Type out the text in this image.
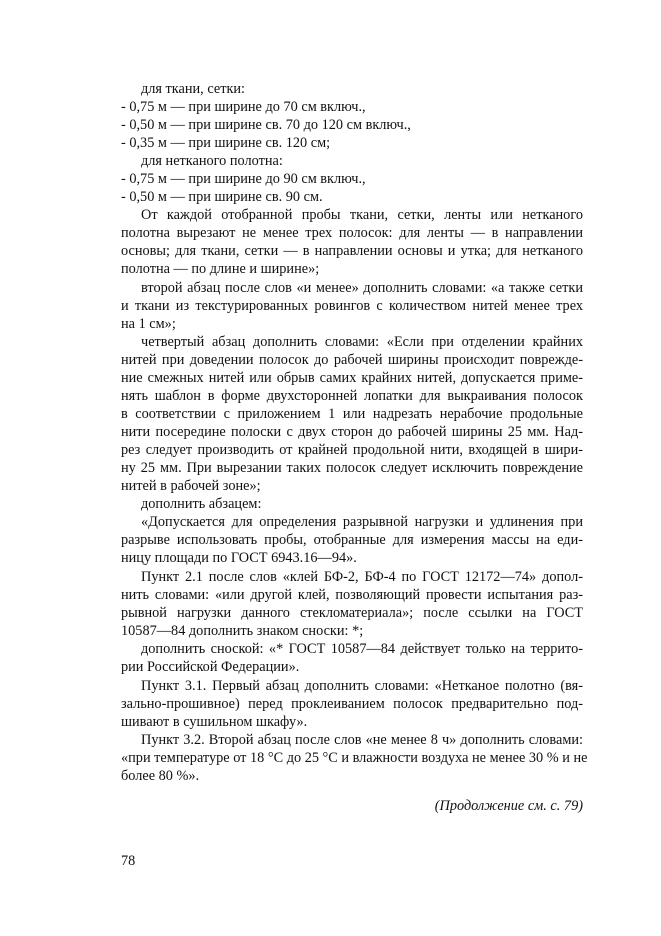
для ткани, сетки:
- 0,75 м — при ширине до 70 см включ.,
- 0,50 м — при ширине св. 70 до 120 см включ.,
- 0,35 м — при ширине св. 120 см;
для нетканого полотна:
- 0,75 м — при ширине до 90 см включ.,
- 0,50 м — при ширине св. 90 см.
От каждой отобранной пробы ткани, сетки, ленты или нетканого
полотна вырезают не менее трех полосок: для ленты — в направлении
основы; для ткани, сетки — в направлении основы и утка; для нетканого
полотна — по длине и ширине»;
второй абзац после слов «и менее» дополнить словами: «а также сетки
и ткани из текстурированных ровингов с количеством нитей менее трех
на 1 см»;
четвертый абзац дополнить словами: «Если при отделении крайних
нитей при доведении полосок до рабочей ширины происходит поврежде-
ние смежных нитей или обрыв самих крайних нитей, допускается приме-
нять шаблон в форме двухсторонней лопатки для выкраивания полосок
в соответствии с приложением 1 или надрезать нерабочие продольные
нити посередине полоски с двух сторон до рабочей ширины 25 мм. Над-
рез следует производить от крайней продольной нити, входящей в шири-
ну 25 мм. При вырезании таких полосок следует исключить повреждение
нитей в рабочей зоне»;
дополнить абзацем:
«Допускается для определения разрывной нагрузки и удлинения при
разрыве использовать пробы, отобранные для измерения массы на еди-
ницу площади по ГОСТ 6943.16—94».
Пункт 2.1 после слов «клей БФ-2, БФ-4 по ГОСТ 12172—74» допол-
нить словами: «или другой клей, позволяющий провести испытания раз-
рывной нагрузки данного стекломатериала»; после ссылки на ГОСТ
10587—84 дополнить знаком сноски: *;
дополнить сноской: «* ГОСТ 10587—84 действует только на террито-
рии Российской Федерации».
Пункт 3.1. Первый абзац дополнить словами: «Нетканое полотно (вя-
зально-прошивное) перед проклеиванием полосок предварительно под-
шивают в сушильном шкафу».
Пункт 3.2. Второй абзац после слов «не менее 8 ч» дополнить словами:
«при температуре от 18 °С до 25 °С и влажности воздуха не менее 30 % и не
более 80 %».
(Продолжение см. с. 79)
78
